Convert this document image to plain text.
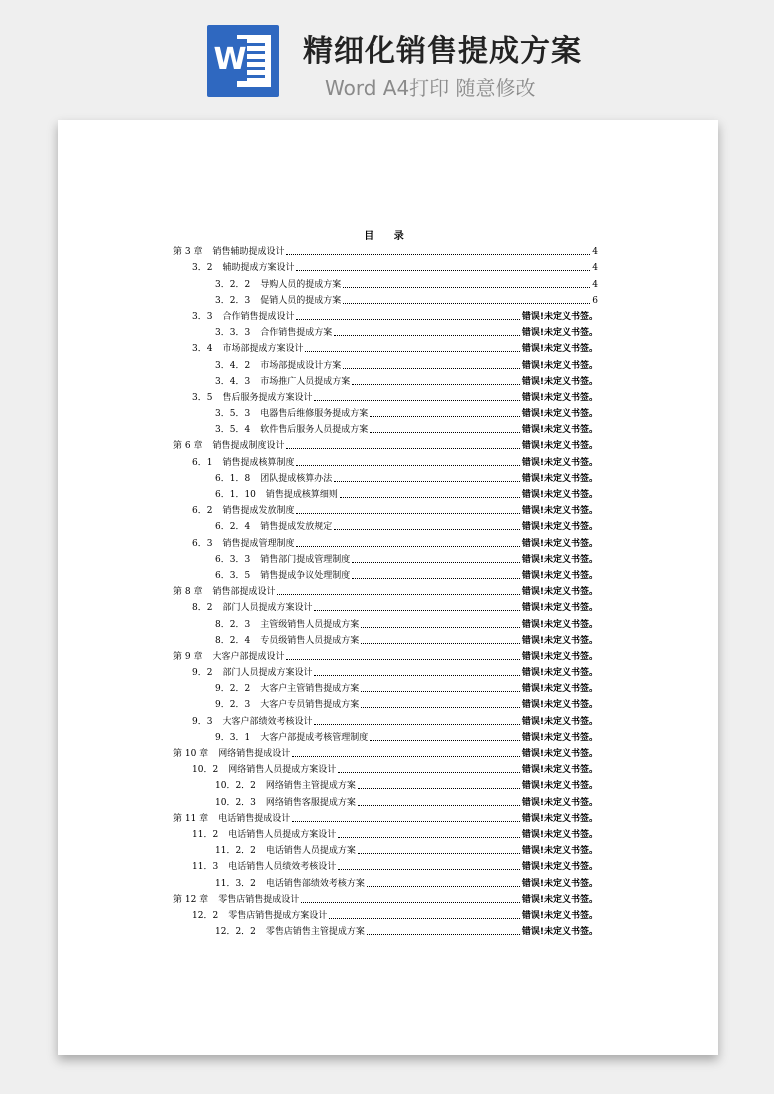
W 精细化销售提成方案
Word A4打印 随意修改
目 录
第 3 章 销售辅助提成设计	4
3．2 辅助提成方案设计	4
3．2．2 导购人员的提成方案	4
3．2．3 促销人员的提成方案	6
3．3 合作销售提成设计	错误!未定义书签。
3．3．3 合作销售提成方案	错误!未定义书签。
3．4 市场部提成方案设计	错误!未定义书签。
3．4．2 市场部提成设计方案	错误!未定义书签。
3．4．3 市场推广人员提成方案	错误!未定义书签。
3．5 售后服务提成方案设计	错误!未定义书签。
3．5．3 电器售后维修服务提成方案	错误!未定义书签。
3．5．4 软件售后服务人员提成方案	错误!未定义书签。
第 6 章 销售提成制度设计	错误!未定义书签。
6．1 销售提成核算制度	错误!未定义书签。
6．1．8 团队提成核算办法	错误!未定义书签。
6．1．10 销售提成核算细则	错误!未定义书签。
6．2 销售提成发放制度	错误!未定义书签。
6．2．4 销售提成发放规定	错误!未定义书签。
6．3 销售提成管理制度	错误!未定义书签。
6．3．3 销售部门提成管理制度	错误!未定义书签。
6．3．5 销售提成争议处理制度	错误!未定义书签。
第 8 章 销售部提成设计	错误!未定义书签。
8．2 部门人员提成方案设计	错误!未定义书签。
8．2．3 主管级销售人员提成方案	错误!未定义书签。
8．2．4 专员级销售人员提成方案	错误!未定义书签。
第 9 章 大客户部提成设计	错误!未定义书签。
9．2 部门人员提成方案设计	错误!未定义书签。
9．2．2 大客户主管销售提成方案	错误!未定义书签。
9．2．3 大客户专员销售提成方案	错误!未定义书签。
9．3 大客户部绩效考核设计	错误!未定义书签。
9．3．1 大客户部提成考核管理制度	错误!未定义书签。
第 10 章 网络销售提成设计	错误!未定义书签。
10．2 网络销售人员提成方案设计	错误!未定义书签。
10．2．2 网络销售主管提成方案	错误!未定义书签。
10．2．3 网络销售客服提成方案	错误!未定义书签。
第 11 章 电话销售提成设计	错误!未定义书签。
11．2 电话销售人员提成方案设计	错误!未定义书签。
11．2．2 电话销售人员提成方案	错误!未定义书签。
11．3 电话销售人员绩效考核设计	错误!未定义书签。
11．3．2 电话销售部绩效考核方案	错误!未定义书签。
第 12 章 零售店销售提成设计	错误!未定义书签。
12．2 零售店销售提成方案设计	错误!未定义书签。
12．2．2 零售店销售主管提成方案	错误!未定义书签。
